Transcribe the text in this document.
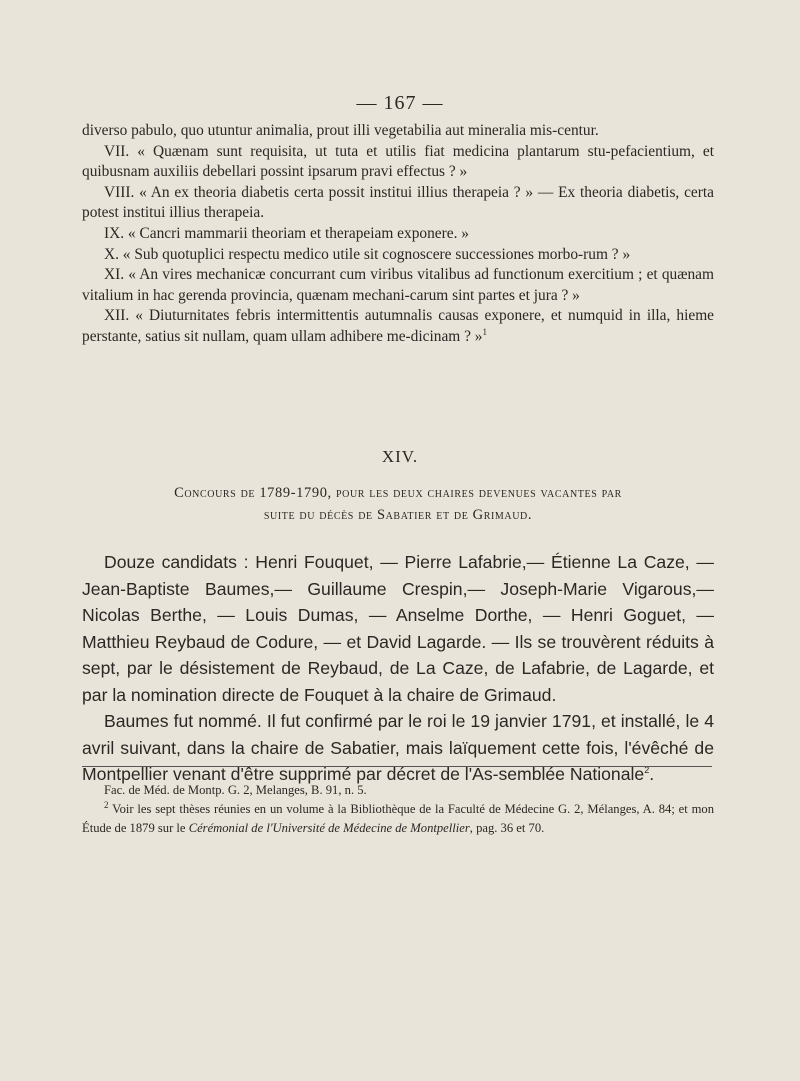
— 167 —

diverso pabulo, quo utuntur animalia, prout illi vegetabilia aut mineralia mis-centur.

VII. « Quænam sunt requisita, ut tuta et utilis fiat medicina plantarum stu-pefacientium, et quibusnam auxiliis debellari possint ipsarum pravi effectus ? »

VIII. « An ex theoria diabetis certa possit institui illius therapeia ? » — Ex theoria diabetis, certa potest institui illius therapeia.

IX. « Cancri mammarii theoriam et therapeiam exponere. »

X. « Sub quotuplici respectu medico utile sit cognoscere successiones morbo-rum ? »

XI. « An vires mechanicæ concurrant cum viribus vitalibus ad functionum exercitium ; et quænam vitalium in hac gerenda provincia, quænam mechani-carum sint partes et jura ? »

XII. « Diuturnitates febris intermittentis autumnalis causas exponere, et numquid in illa, hieme perstante, satius sit nullam, quam ullam adhibere me-dicinam ? »$^1$

XIV.
Concours de 1789-1790, pour les deux chaires devenues vacantes par
suite du décès de Sabatier et de Grimaud.

Douze candidats : Henri Fouquet, — Pierre Lafabrie,— Étienne La Caze, —Jean-Baptiste Baumes,— Guillaume Crespin,— Joseph-Marie Vigarous,— Nicolas Berthe, — Louis Dumas, — Anselme Dorthe, — Henri Goguet, — Matthieu Reybaud de Codure, — et David Lagarde. — Ils se trouvèrent réduits à sept, par le désistement de Reybaud, de La Caze, de Lafabrie, de Lagarde, et par la nomination directe de Fouquet à la chaire de Grimaud.

Baumes fut nommé. Il fut confirmé par le roi le 19 janvier 1791, et installé, le 4 avril suivant, dans la chaire de Sabatier, mais laïquement cette fois, l'évêché de Montpellier venant d'être supprimé par décret de l'As-semblée Nationale$^2$.

Fac. de Méd. de Montp. G. 2, Melanges, B. 91, n. 5.

$^2$ Voir les sept thèses réunies en un volume à la Bibliothèque de la Faculté de Médecine G. 2, Mélanges, A. 84; et mon Étude de 1879 sur le Cérémonial de l'Université de Médecine de Montpellier, pag. 36 et 70.
